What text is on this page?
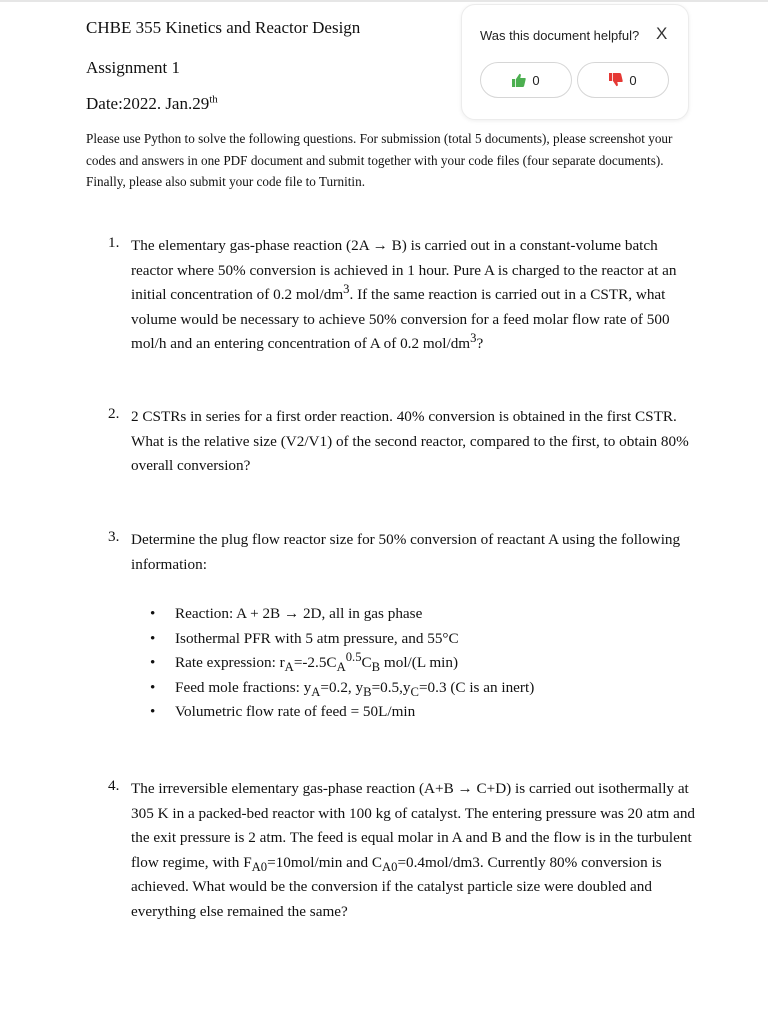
CHBE 355 Kinetics and Reactor Design
Assignment 1
Date:2022. Jan.29th
Please use Python to solve the following questions. For submission (total 5 documents), please screenshot your codes and answers in one PDF document and submit together with your code files (four separate documents). Finally, please also submit your code file to Turnitin.
Was this document helpful? X
0	0
1. The elementary gas-phase reaction (2A → B) is carried out in a constant-volume batch reactor where 50% conversion is achieved in 1 hour. Pure A is charged to the reactor at an initial concentration of 0.2 mol/$dm^3$. If the same reaction is carried out in a CSTR, what volume would be necessary to achieve 50% conversion for a feed molar flow rate of 500 mol/h and an entering concentration of A of 0.2 mol/$dm^3$?
2. 2 CSTRs in series for a first order reaction. 40% conversion is obtained in the first CSTR. What is the relative size (V2/V1) of the second reactor, compared to the first, to obtain 80% overall conversion?
3. Determine the plug flow reactor size for 50% conversion of reactant A using the following information:
• Reaction: A + 2B → 2D, all in gas phase
• Isothermal PFR with 5 atm pressure, and 55°C
• Rate expression: $r_A=-2.5C_A^{0.5}C_B$ mol/(L min)
• Feed mole fractions: $y_A=0.2$, $y_B=0.5,y_C=0.3$ (C is an inert)
• Volumetric flow rate of feed = 50L/min
4. The irreversible elementary gas-phase reaction (A+B → C+D) is carried out isothermally at 305 K in a packed-bed reactor with 100 kg of catalyst. The entering pressure was 20 atm and the exit pressure is 2 atm. The feed is equal molar in A and B and the flow is in the turbulent flow regime, with $F_{A0}=10mol/\min$ and $C_{A0}=0.4mol/dm3$. Currently 80% conversion is achieved. What would be the conversion if the catalyst particle size were doubled and everything else remained the same?
